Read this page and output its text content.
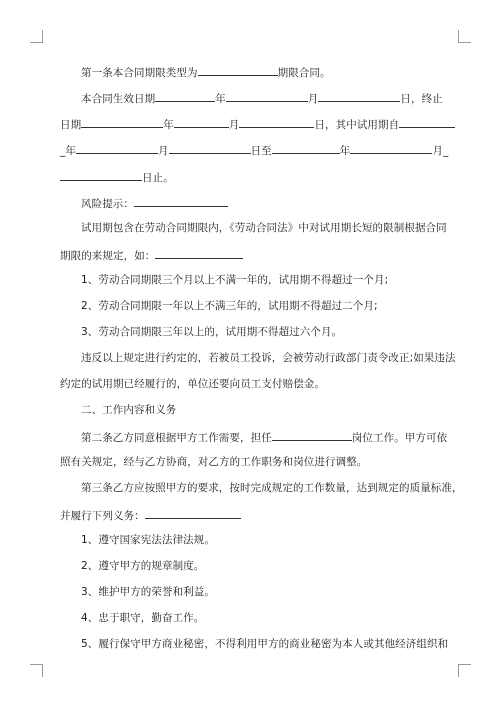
第一条本合同期限类型为	期限合同。
本合同生效日期	年	月	日，终止
日期	年	月	日，其中试用期自
_年	月	日至	年	月_
日止。
风险提示：
试用期包含在劳动合同期限内，《劳动合同法》中对试用期长短的限制根据合同
期限的来规定，如：
1、劳动合同期限三个月以上不满一年的，试用期不得超过一个月;
2、劳动合同期限一年以上不满三年的，试用期不得超过二个月;
3、劳动合同期限三年以上的，试用期不得超过六个月。
违反以上规定进行约定的，若被员工投诉，会被劳动行政部门责令改正;如果违法
约定的试用期已经履行的，单位还要向员工支付赔偿金。
二、工作内容和义务
第二条乙方同意根据甲方工作需要，担任	岗位工作。甲方可依
照有关规定，经与乙方协商，对乙方的工作职务和岗位进行调整。
第三条乙方应按照甲方的要求，按时完成规定的工作数量，达到规定的质量标准，
并履行下列义务：
1、遵守国家宪法法律法规。
2、遵守甲方的规章制度。
3、维护甲方的荣誉和利益。
4、忠于职守，勤奋工作。
5、履行保守甲方商业秘密，不得利用甲方的商业秘密为本人或其他经济组织和
